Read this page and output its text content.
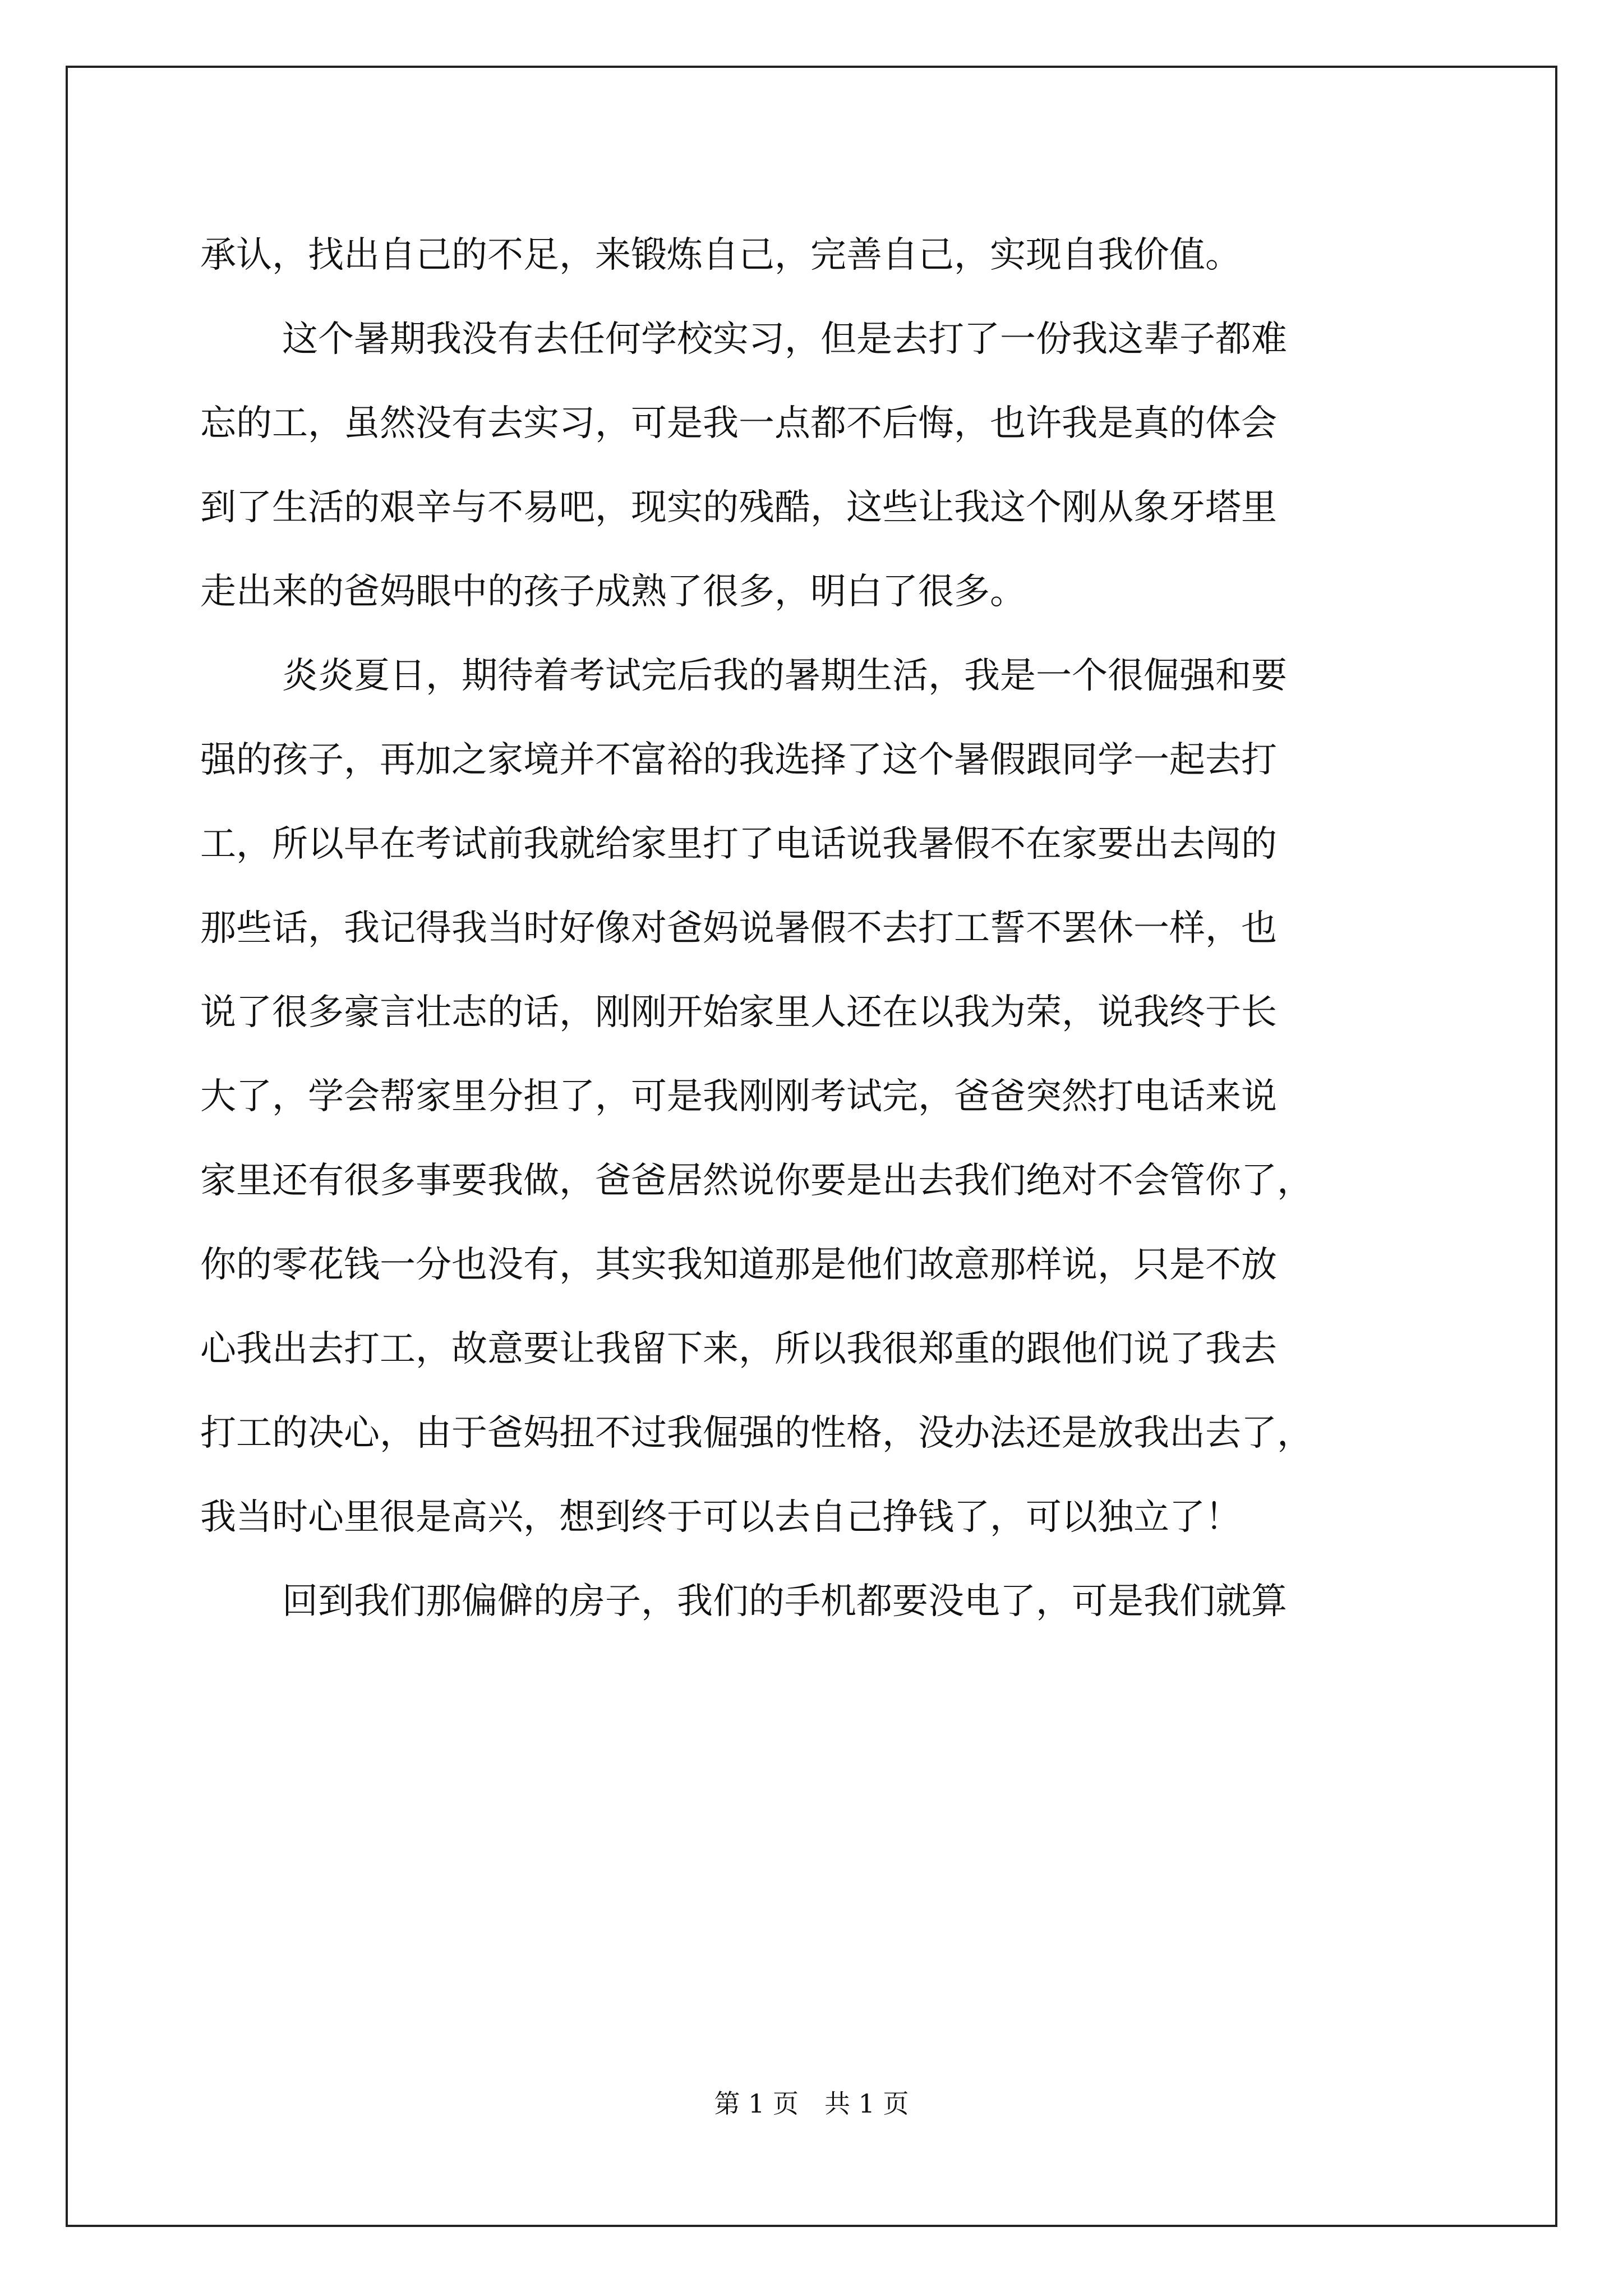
承认，找出自己的不足，来锻炼自己，完善自己，实现自我价值。
这个暑期我没有去任何学校实习，但是去打了一份我这辈子都难
忘的工，虽然没有去实习，可是我一点都不后悔，也许我是真的体会
到了生活的艰辛与不易吧，现实的残酷，这些让我这个刚从象牙塔里
走出来的爸妈眼中的孩子成熟了很多，明白了很多。
炎炎夏日，期待着考试完后我的暑期生活，我是一个很倔强和要
强的孩子，再加之家境并不富裕的我选择了这个暑假跟同学一起去打
工，所以早在考试前我就给家里打了电话说我暑假不在家要出去闯的
那些话，我记得我当时好像对爸妈说暑假不去打工誓不罢休一样，也
说了很多豪言壮志的话，刚刚开始家里人还在以我为荣，说我终于长
大了，学会帮家里分担了，可是我刚刚考试完，爸爸突然打电话来说
家里还有很多事要我做，爸爸居然说你要是出去我们绝对不会管你了，
你的零花钱一分也没有，其实我知道那是他们故意那样说，只是不放
心我出去打工，故意要让我留下来，所以我很郑重的跟他们说了我去
打工的决心，由于爸妈扭不过我倔强的性格，没办法还是放我出去了，
我当时心里很是高兴，想到终于可以去自己挣钱了，可以独立了！
回到我们那偏僻的房子，我们的手机都要没电了，可是我们就算
第 1 页　共 1 页
